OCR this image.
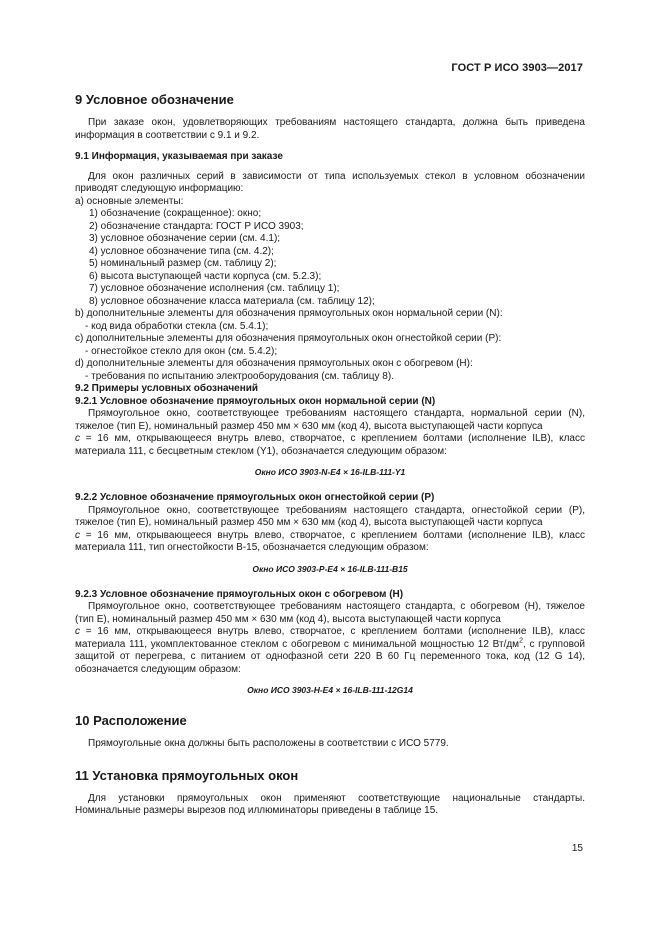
ГОСТ Р ИСО 3903—2017
9 Условное обозначение

При заказе окон, удовлетворяющих требованиям настоящего стандарта, должна быть приведена информация в соответствии с 9.1 и 9.2.

9.1 Информация, указываемая при заказе

Для окон различных серий в зависимости от типа используемых стекол в условном обозначении приводят следующую информацию:

a) основные элементы:
1) обозначение (сокращенное): окно;
2) обозначение стандарта: ГОСТ Р ИСО 3903;
3) условное обозначение серии (см. 4.1);
4) условное обозначение типа (см. 4.2);
5) номинальный размер (см. таблицу 2);
6) высота выступающей части корпуса (см. 5.2.3);
7) условное обозначение исполнения (см. таблицу 1);
8) условное обозначение класса материала (см. таблицу 12);
b) дополнительные элементы для обозначения прямоугольных окон нормальной серии (N):
- код вида обработки стекла (см. 5.4.1);
c) дополнительные элементы для обозначения прямоугольных окон огнестойкой серии (P):
- огнестойкое стекло для окон (см. 5.4.2);
d) дополнительные элементы для обозначения прямоугольных окон с обогревом (H):
- требования по испытанию электрооборудования (см. таблицу 8).
9.2 Примеры условных обозначений
9.2.1 Условное обозначение прямоугольных окон нормальной серии (N)

Прямоугольное окно, соответствующее требованиям настоящего стандарта, нормальной серии (N), тяжелое (тип Е), номинальный размер 450 мм × 630 мм (код 4), высота выступающей части корпуса
c = 16 мм, открывающееся внутрь влево, створчатое, с креплением болтами (исполнение ILB), класс материала 111, с бесцветным стеклом (Y1), обозначается следующим образом:

Окно ИСО 3903-N-E4 × 16-ILB-111-Y1
9.2.2 Условное обозначение прямоугольных окон огнестойкой серии (P)

Прямоугольное окно, соответствующее требованиям настоящего стандарта, огнестойкой серии (P), тяжелое (тип E), номинальный размер 450 мм × 630 мм (код 4), высота выступающей части корпуса
c = 16 мм, открывающееся внутрь влево, створчатое, с креплением болтами (исполнение ILB), класс материала 111, тип огнестойкости B-15, обозначается следующим образом:

Окно ИСО 3903-P-E4 × 16-ILB-111-B15
9.2.3 Условное обозначение прямоугольных окон с обогревом (H)

Прямоугольное окно, соответствующее требованиям настоящего стандарта, с обогревом (H), тяжелое (тип E), номинальный размер 450 мм × 630 мм (код 4), высота выступающей части корпуса
c = 16 мм, открывающееся внутрь влево, створчатое, с креплением болтами (исполнение ILB), класс материала 111, укомплектованное стеклом с обогревом с минимальной мощностью 12 $Вт/дм^2$, с групповой защитой от перегрева, с питанием от однофазной сети 220 В 60 Гц переменного тока, код (12 G 14), обозначается следующим образом:

Окно ИСО 3903-H-E4 × 16-ILB-111-12G14
10 Расположение

Прямоугольные окна должны быть расположены в соответствии с ИСО 5779.

11 Установка прямоугольных окон

Для установки прямоугольных окон применяют соответствующие национальные стандарты. Номинальные размеры вырезов под иллюминаторы приведены в таблице 15.

15
